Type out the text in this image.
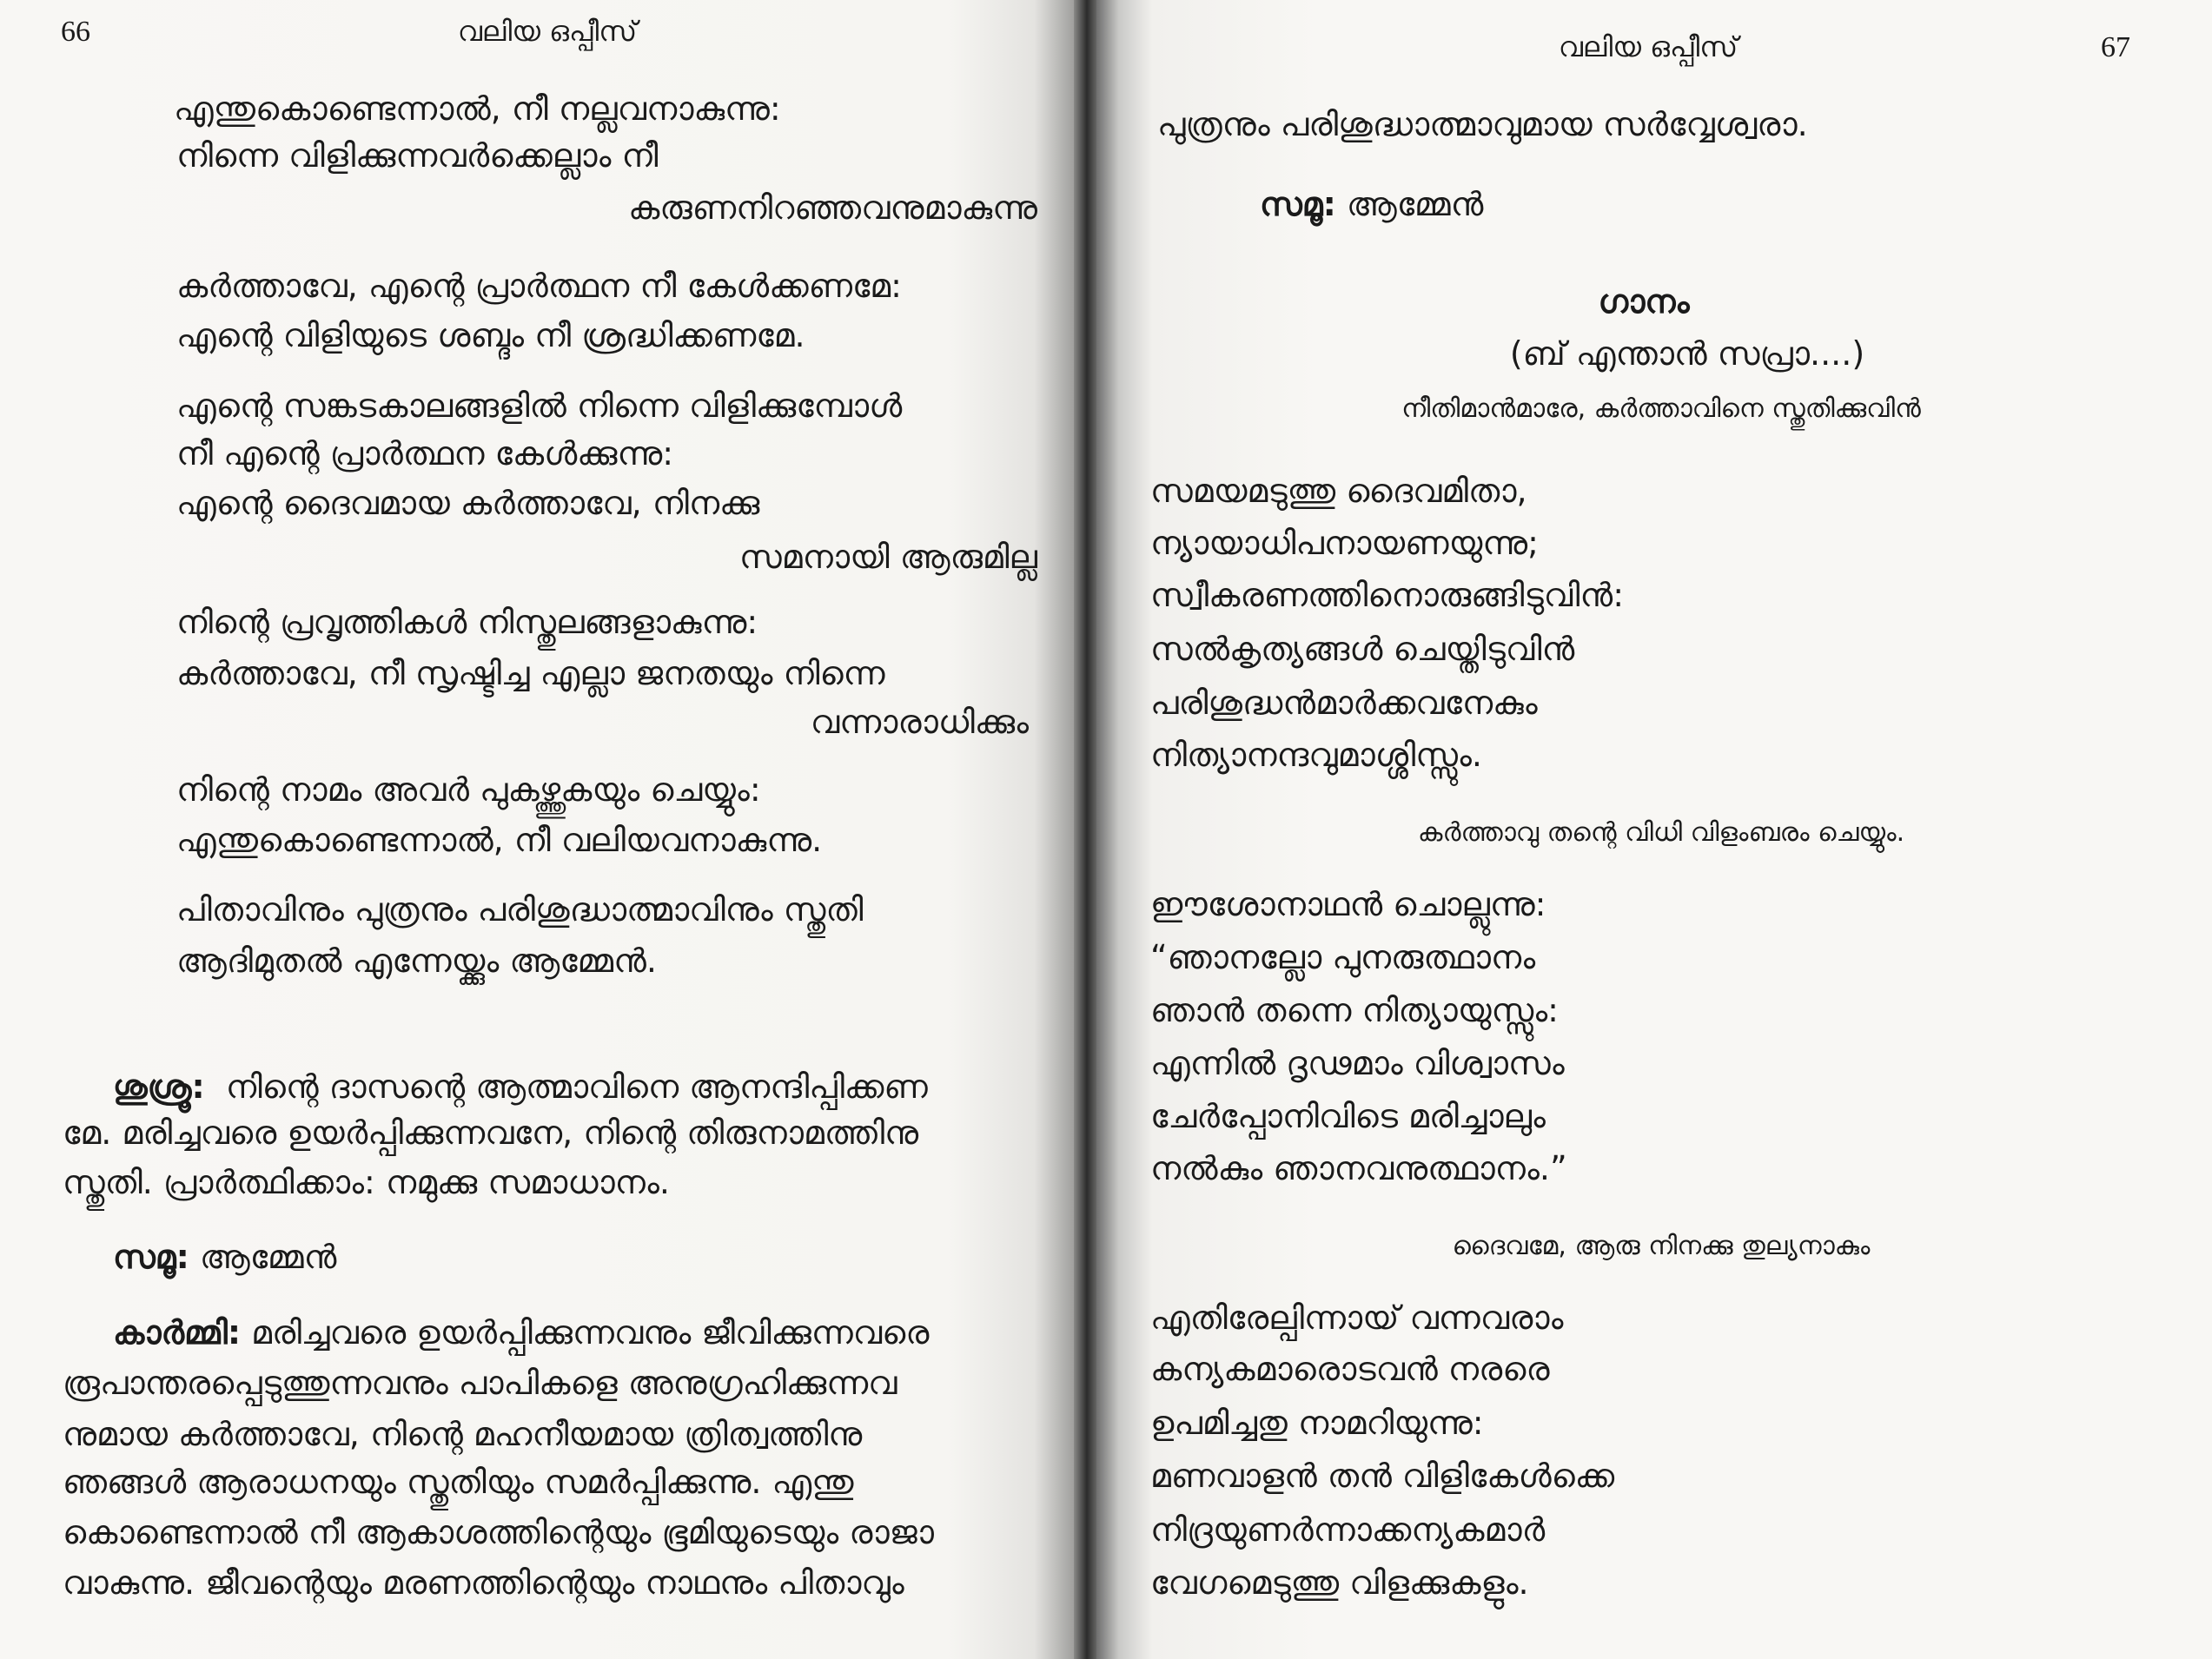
66	വലിയ ഒപ്പീസ്
എന്തുകൊണ്ടെന്നാൽ, നീ നല്ലവനാകുന്നു:
നിന്നെ വിളിക്കുന്നവർക്കെല്ലാം നീ
കരുണനിറഞ്ഞവനുമാകുന്നു
കർത്താവേ, എന്റെ പ്രാർത്ഥന നീ കേൾക്കണമേ:
എന്റെ വിളിയുടെ ശബ്ദം നീ ശ്രദ്ധിക്കണമേ.
എന്റെ സങ്കടകാലങ്ങളിൽ നിന്നെ വിളിക്കുമ്പോൾ
നീ എന്റെ പ്രാർത്ഥന കേൾക്കുന്നു:
എന്റെ ദൈവമായ കർത്താവേ, നിനക്കു
സമനായി ആരുമില്ല
നിന്റെ പ്രവൃത്തികൾ നിസ്തുലങ്ങളാകുന്നു:
കർത്താവേ, നീ സൃഷ്ടിച്ച എല്ലാ ജനതയും നിന്നെ
വന്നാരാധിക്കും
നിന്റെ നാമം അവർ പുകഴ്ത്തുകയും ചെയ്യും:
എന്തുകൊണ്ടെന്നാൽ, നീ വലിയവനാകുന്നു.
പിതാവിനും പുത്രനും പരിശുദ്ധാത്മാവിനും സ്തുതി
ആദിമുതൽ എന്നേയ്ക്കും ആമ്മേൻ.
ശുശ്രൂ: നിന്റെ ദാസന്റെ ആത്മാവിനെ ആനന്ദിപ്പിക്കണ
മേ. മരിച്ചവരെ ഉയർപ്പിക്കുന്നവനേ, നിന്റെ തിരുനാമത്തിനു
സ്തുതി. പ്രാർത്ഥിക്കാം: നമുക്കു സമാധാനം.
സമൂ: ആമ്മേൻ
കാർമ്മി: മരിച്ചവരെ ഉയർപ്പിക്കുന്നവനും ജീവിക്കുന്നവരെ
രൂപാന്തരപ്പെടുത്തുന്നവനും പാപികളെ അനുഗ്രഹിക്കുന്നവ
നുമായ കർത്താവേ, നിന്റെ മഹനീയമായ ത്രിത്വത്തിനു
ഞങ്ങൾ ആരാധനയും സ്തുതിയും സമർപ്പിക്കുന്നു. എന്തു
കൊണ്ടെന്നാൽ നീ ആകാശത്തിന്റെയും ഭൂമിയുടെയും രാജാ
വാകുന്നു. ജീവന്റെയും മരണത്തിന്റെയും നാഥനും പിതാവും
67
വലിയ ഒപ്പീസ്
പുത്രനും പരിശുദ്ധാത്മാവുമായ സർവ്വേശ്വരാ.
സമൂ: ആമ്മേൻ
ഗാനം
(ബ് എന്താൻ സപ്രാ....)
നീതിമാൻമാരേ, കർത്താവിനെ സ്തുതിക്കുവിൻ
സമയമടുത്തു ദൈവമിതാ,
ന്യായാധിപനായണയുന്നു;
സ്വീകരണത്തിനൊരുങ്ങിടുവിൻ:
സൽകൃത്യങ്ങൾ ചെയ്തിടുവിൻ
പരിശുദ്ധൻമാർക്കവനേകും
നിത്യാനന്ദവുമാശ്ശിസ്സും.
കർത്താവു തന്റെ വിധി വിളംബരം ചെയ്യും.
ഈശോനാഥൻ ചൊല്ലുന്നു:
“ഞാനല്ലോ പുനരുത്ഥാനം
ഞാൻ തന്നെ നിത്യായുസ്സും:
എന്നിൽ ദൃഢമാം വിശ്വാസം
ചേർപ്പോനിവിടെ മരിച്ചാലും
നൽകും ഞാനവനുത്ഥാനം.”
ദൈവമേ, ആരു നിനക്കു തുല്യനാകും
എതിരേല്പിന്നായ് വന്നവരാം
കന്യകമാരൊടവൻ നരരെ
ഉപമിച്ചതു നാമറിയുന്നു:
മണവാളൻ തൻ വിളികേൾക്കെ
നിദ്രയുണർന്നാക്കന്യകമാർ
വേഗമെടുത്തു വിളക്കുകളും.
